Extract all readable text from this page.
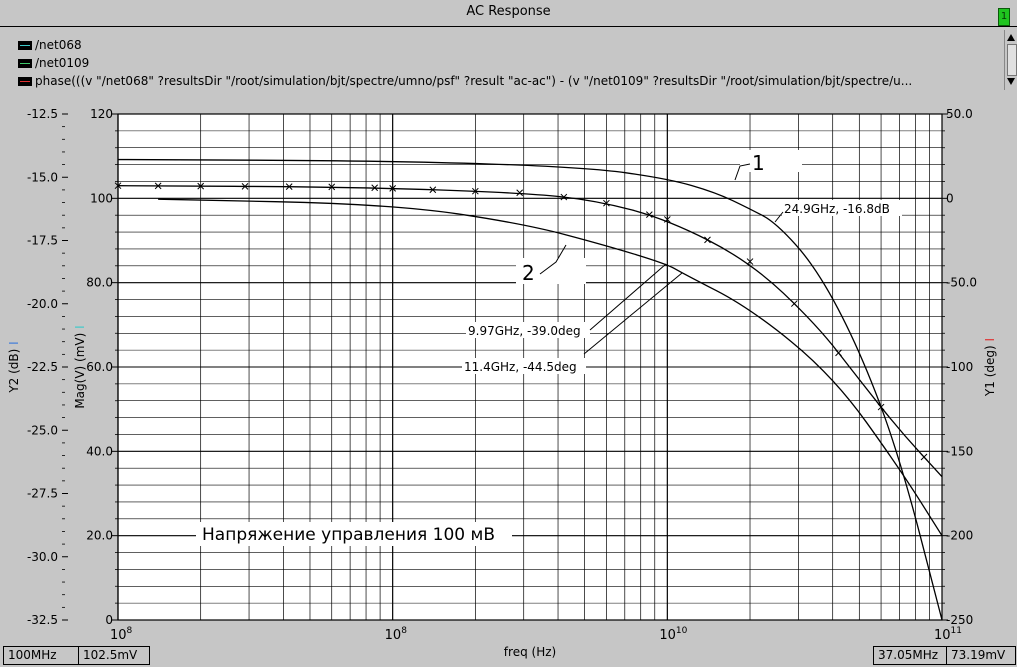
AC Response	1
/net068
/net0109
phase(((v "/net068" ?resultsDir "/root/simulation/bjt/spectre/umno/psf" ?result "ac-ac") - (v "/net0109" ?resultsDir "/root/simulation/bjt/spectre/u...
$10^8$	$10^8$	$10^{10}$	$10^{11}$
freq (Hz)
-12.5
-15.0
-17.5
-20.0
-22.5
-25.0
-27.5
-30.0
-32.5
120
100
80.0
60.0
40.0
20.0
0
50.0
0
-50.0
-100
-150
-200
-250
Y2 (dB) I	Mag(V) (mV) I
Y1 (deg) I
24.9GHz, -16.8dB
9.97GHz, -39.0deg
11.4GHz, -44.5deg
1
2
Напряжение управления 100 мВ
100MHz	102.5mV	37.05MHz	73.19mV
